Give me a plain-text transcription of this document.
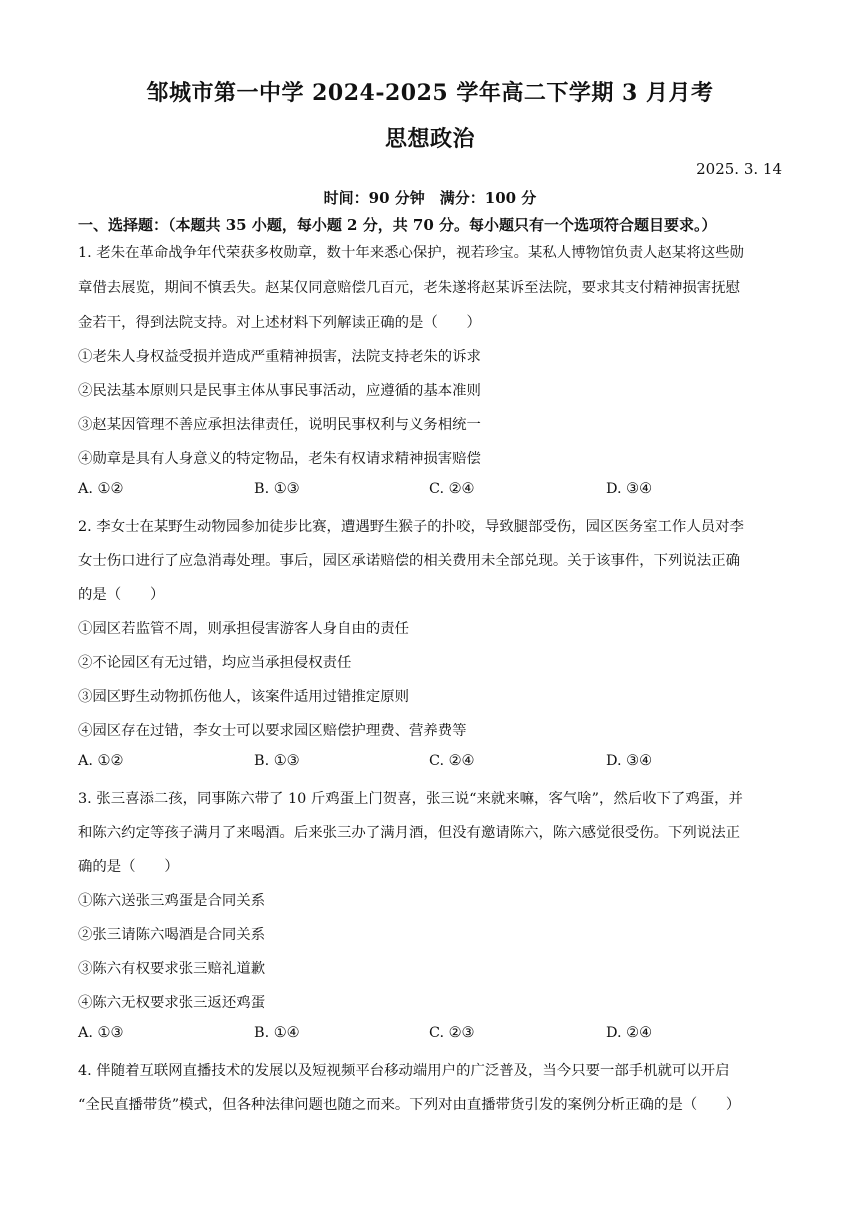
邹城市第一中学 2024-2025 学年高二下学期 3 月月考
思想政治
2025. 3. 14
时间：90 分钟　满分：100 分
一、选择题：（本题共 35 小题，每小题 2 分，共 70 分。每小题只有一个选项符合题目要求。）
1. 老朱在革命战争年代荣获多枚勋章，数十年来悉心保护，视若珍宝。某私人博物馆负责人赵某将这些勋
章借去展览，期间不慎丢失。赵某仅同意赔偿几百元，老朱遂将赵某诉至法院，要求其支付精神损害抚慰
金若干，得到法院支持。对上述材料下列解读正确的是（　　）
①老朱人身权益受损并造成严重精神损害，法院支持老朱的诉求
②民法基本原则只是民事主体从事民事活动，应遵循的基本准则
③赵某因管理不善应承担法律责任，说明民事权利与义务相统一
④勋章是具有人身意义的特定物品，老朱有权请求精神损害赔偿
A. ①②	B. ①③	C. ②④	D. ③④
2. 李女士在某野生动物园参加徒步比赛，遭遇野生猴子的扑咬，导致腿部受伤，园区医务室工作人员对李
女士伤口进行了应急消毒处理。事后，园区承诺赔偿的相关费用未全部兑现。关于该事件，下列说法正确
的是（　　）
①园区若监管不周，则承担侵害游客人身自由的责任
②不论园区有无过错，均应当承担侵权责任
③园区野生动物抓伤他人，该案件适用过错推定原则
④园区存在过错，李女士可以要求园区赔偿护理费、营养费等
A. ①②	B. ①③	C. ②④	D. ③④
3. 张三喜添二孩，同事陈六带了 10 斤鸡蛋上门贺喜，张三说“来就来嘛，客气啥”，然后收下了鸡蛋，并
和陈六约定等孩子满月了来喝酒。后来张三办了满月酒，但没有邀请陈六，陈六感觉很受伤。下列说法正
确的是（　　）
①陈六送张三鸡蛋是合同关系
②张三请陈六喝酒是合同关系
③陈六有权要求张三赔礼道歉
④陈六无权要求张三返还鸡蛋
A. ①③	B. ①④	C. ②③	D. ②④
4. 伴随着互联网直播技术的发展以及短视频平台移动端用户的广泛普及，当今只要一部手机就可以开启
“全民直播带货”模式，但各种法律问题也随之而来。下列对由直播带货引发的案例分析正确的是（　　）
